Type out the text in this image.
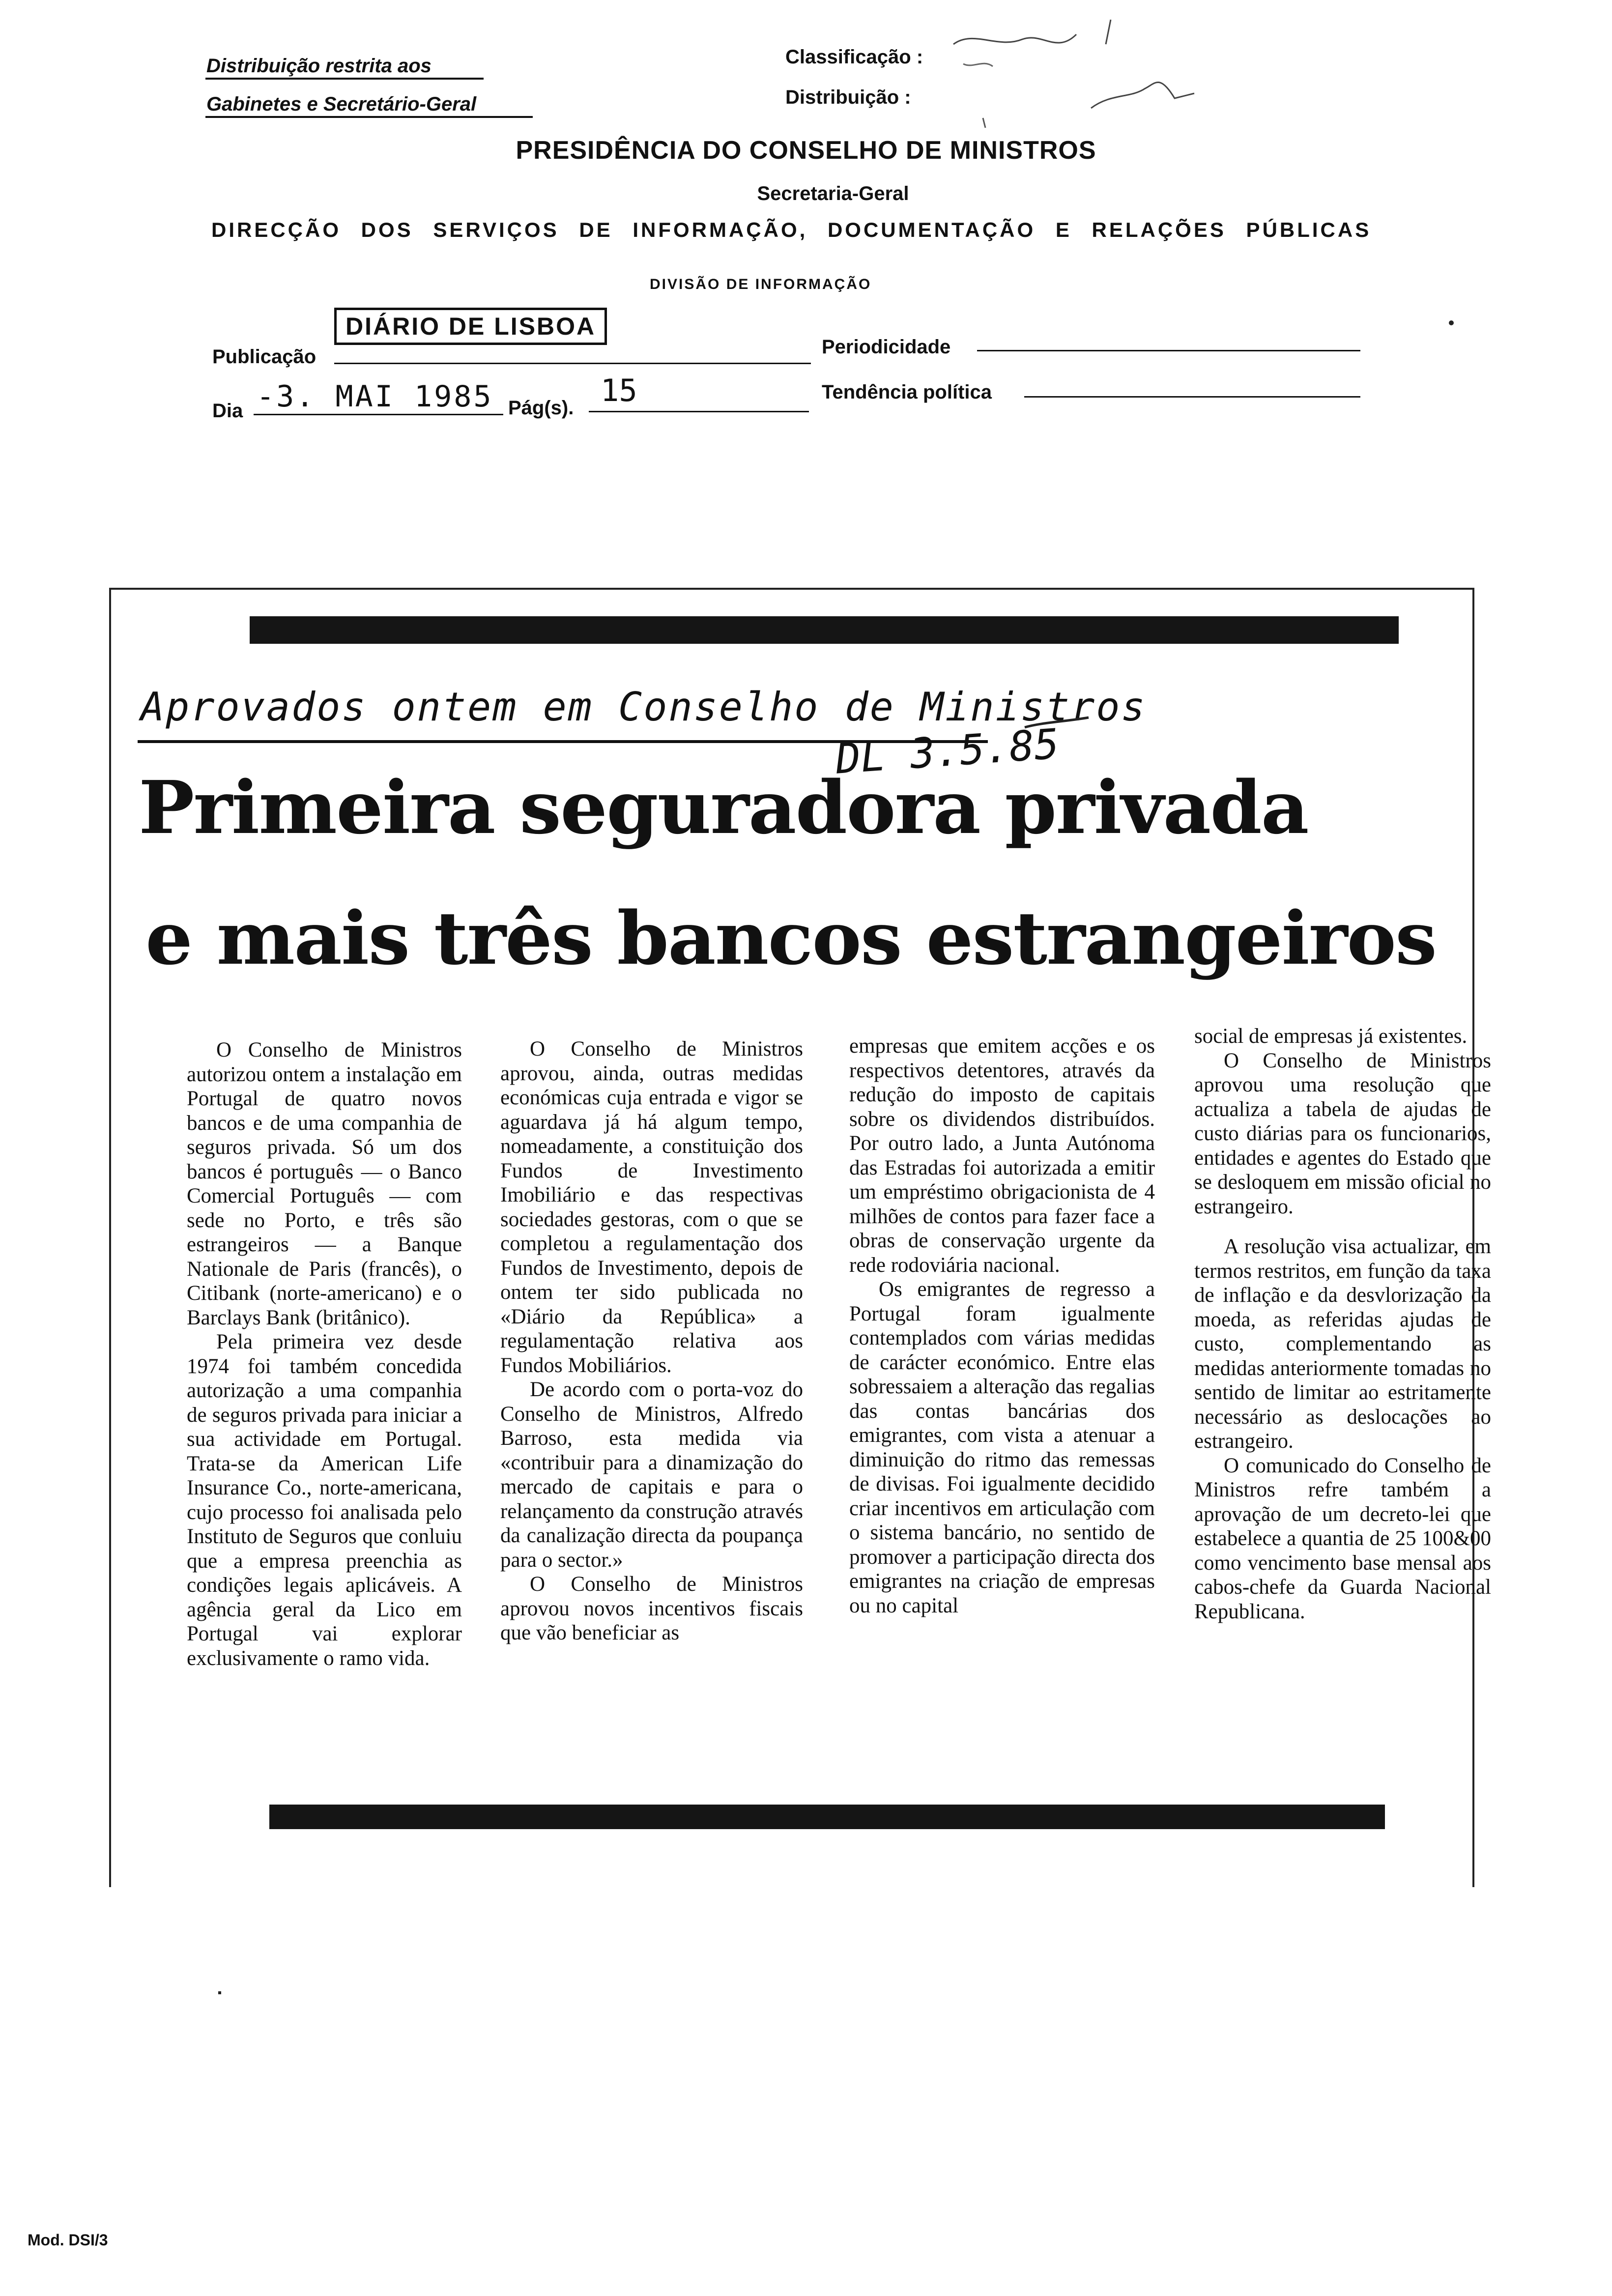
Distribuição restrita aos
Gabinetes e Secretário-Geral
Classificação :
Distribuição :
PRESIDÊNCIA DO CONSELHO DE MINISTROS
Secretaria-Geral
DIRECÇÃO DOS SERVIÇOS DE INFORMAÇÃO, DOCUMENTAÇÃO E RELAÇÕES PÚBLICAS
DIVISÃO DE INFORMAÇÃO
Publicação
DIÁRIO DE LISBOA
Periodicidade
Dia -3. MAI 1985 Pág(s). 15	Tendência política
Aprovados ontem em Conselho de Ministros
DL 3.5.85
Primeira seguradora privada
e mais três bancos estrangeiros

O Conselho de Ministros autorizou ontem a instalação em Portugal de quatro novos bancos e de uma companhia de seguros privada. Só um dos bancos é português — o Banco Comercial Português — com sede no Porto, e três são estrangeiros — a Banque Nationale de Paris (francês), o Citibank (norte-americano) e o Barclays Bank (britânico).

Pela primeira vez desde 1974 foi também concedida autorização a uma companhia de seguros privada para iniciar a sua actividade em Portugal. Trata-se da American Life Insurance Co., norte-americana, cujo processo foi analisada pelo Instituto de Seguros que conluiu que a empresa preenchia as condições legais aplicáveis. A agência geral da Lico em Portugal vai explorar exclusivamente o ramo vida.

O Conselho de Ministros aprovou, ainda, outras medidas económicas cuja entrada e vigor se aguardava já há algum tempo, nomeadamente, a constituição dos Fundos de Investimento Imobiliário e das respectivas sociedades gestoras, com o que se completou a regulamentação dos Fundos de Investimento, depois de ontem ter sido publicada no «Diário da República» a regulamentação relativa aos Fundos Mobiliários.

De acordo com o porta-voz do Conselho de Ministros, Alfredo Barroso, esta medida via «contribuir para a dinamização do mercado de capitais e para o relançamento da construção através da canalização directa da poupança para o sector.»

O Conselho de Ministros aprovou novos incentivos fiscais que vão beneficiar as

empresas que emitem acções e os respectivos detentores, através da redução do imposto de capitais sobre os dividendos distribuídos. Por outro lado, a Junta Autónoma das Estradas foi autorizada a emitir um empréstimo obrigacionista de 4 milhões de contos para fazer face a obras de conservação urgente da rede rodoviária nacional.

Os emigrantes de regresso a Portugal foram igualmente contemplados com várias medidas de carácter económico. Entre elas sobressaiem a alteração das regalias das contas bancárias dos emigrantes, com vista a atenuar a diminuição do ritmo das remessas de divisas. Foi igualmente decidido criar incentivos em articulação com o sistema bancário, no sentido de promover a participação directa dos emigrantes na criação de empresas ou no capital

social de empresas já existentes.

O Conselho de Ministros aprovou uma resolução que actualiza a tabela de ajudas de custo diárias para os funcionarios, entidades e agentes do Estado que se desloquem em missão oficial no estrangeiro.

A resolução visa actualizar, em termos restritos, em função da taxa de inflação e da desvlorização da moeda, as referidas ajudas de custo, complementando as medidas anteriormente tomadas no sentido de limitar ao estritamente necessário as deslocações ao estrangeiro.

O comunicado do Conselho de Ministros refre também a aprovação de um decreto-lei que estabelece a quantia de 25 100&00 como vencimento base mensal aos cabos-chefe da Guarda Nacional Republicana.

Mod. DSI/3
